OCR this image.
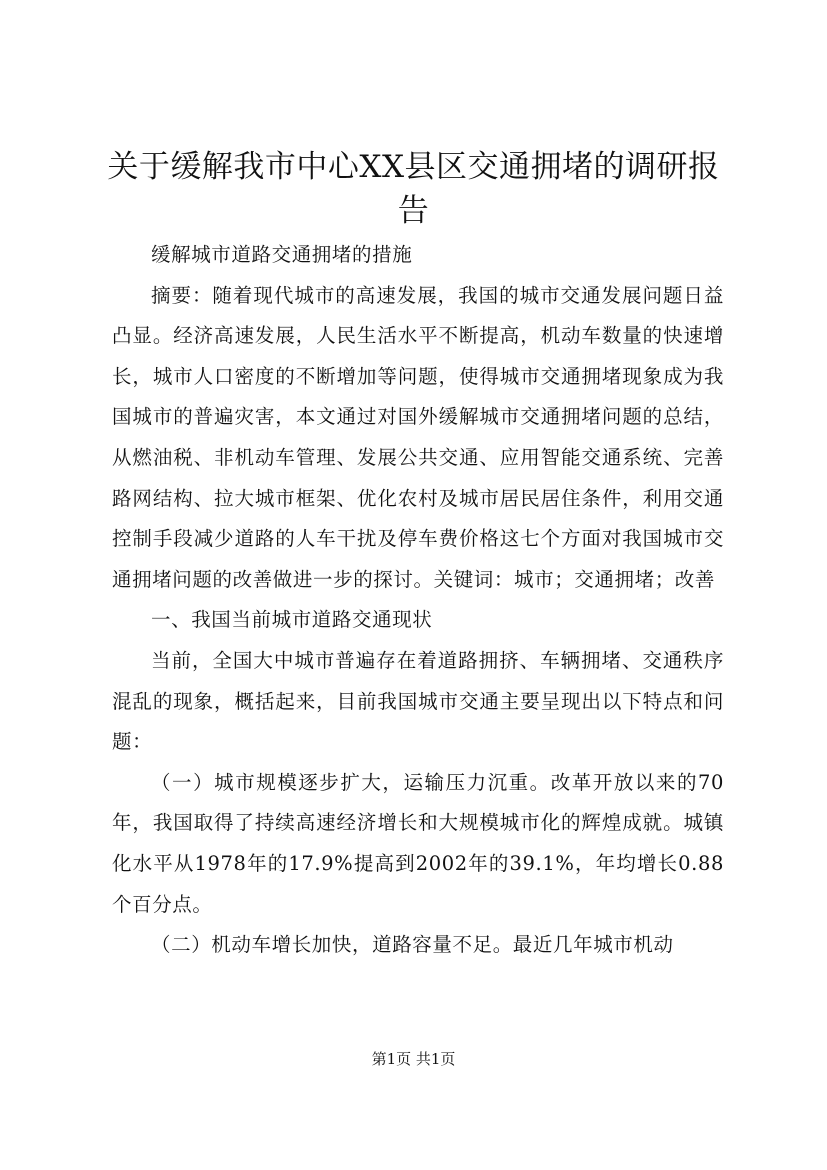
关于缓解我市中心XX县区交通拥堵的调研报告

缓解城市道路交通拥堵的措施

摘要：随着现代城市的高速发展，我国的城市交通发展问题日益凸显。经济高速发展，人民生活水平不断提高，机动车数量的快速增长，城市人口密度的不断增加等问题，使得城市交通拥堵现象成为我国城市的普遍灾害，本文通过对国外缓解城市交通拥堵问题的总结，从燃油税、非机动车管理、发展公共交通、应用智能交通系统、完善路网结构、拉大城市框架、优化农村及城市居民居住条件，利用交通控制手段减少道路的人车干扰及停车费价格这七个方面对我国城市交通拥堵问题的改善做进一步的探讨。关键词：城市；交通拥堵；改善

一、我国当前城市道路交通现状

当前，全国大中城市普遍存在着道路拥挤、车辆拥堵、交通秩序混乱的现象，概括起来，目前我国城市交通主要呈现出以下特点和问题：

（一）城市规模逐步扩大，运输压力沉重。改革开放以来的70年，我国取得了持续高速经济增长和大规模城市化的辉煌成就。城镇化水平从1978年的17.9%提高到2002年的39.1%，年均增长0.88个百分点。

（二）机动车增长加快，道路容量不足。最近几年城市机动

第1页 共1页
